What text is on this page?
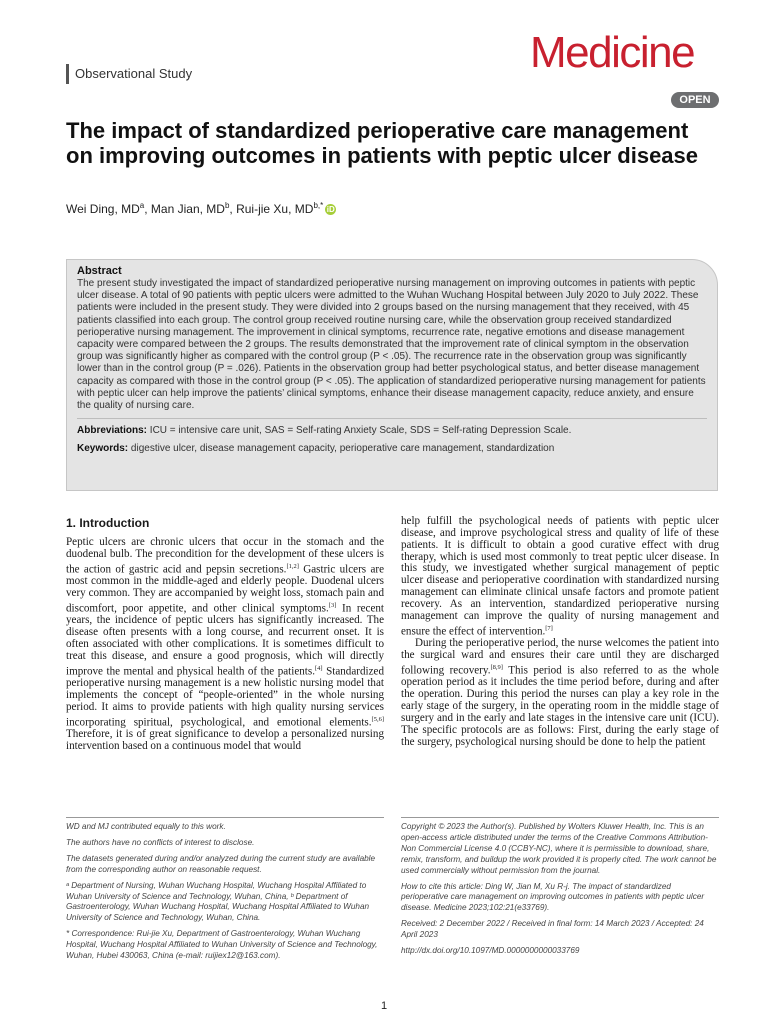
Observational Study	Medicine
OPEN
The impact of standardized perioperative care management on improving outcomes in patients with peptic ulcer disease
Wei Ding, $MD^a$, Man Jian, $MD^b$, Rui-jie Xu, $MD^{b,*}$ iD
Abstract
The present study investigated the impact of standardized perioperative nursing management on improving outcomes in patients with peptic ulcer disease. A total of 90 patients with peptic ulcers were admitted to the Wuhan Wuchang Hospital between July 2020 to July 2022. These patients were included in the present study. They were divided into 2 groups based on the nursing management that they received, with 45 patients classified into each group. The control group received routine nursing care, while the observation group received standardized perioperative nursing management. The improvement in clinical symptoms, recurrence rate, negative emotions and disease management capacity were compared between the 2 groups. The results demonstrated that the improvement rate of clinical symptom in the observation group was significantly higher as compared with the control group (P < .05). The recurrence rate in the observation group was significantly lower than in the control group (P = .026). Patients in the observation group had better psychological status, and better disease management capacity as compared with those in the control group (P < .05). The application of standardized perioperative nursing management for patients with peptic ulcer can help improve the patients’ clinical symptoms, enhance their disease management capacity, reduce anxiety, and ensure the quality of nursing care.
Abbreviations: ICU = intensive care unit, SAS = Self-rating Anxiety Scale, SDS = Self-rating Depression Scale.
Keywords: digestive ulcer, disease management capacity, perioperative care management, standardization
1. Introduction

Peptic ulcers are chronic ulcers that occur in the stomach and the duodenal bulb. The precondition for the development of these ulcers is the action of gastric acid and pepsin secretions.[1,2] Gastric ulcers are most common in the middle-aged and elderly people. Duodenal ulcers very common. They are accompanied by weight loss, stomach pain and discomfort, poor appetite, and other clinical symptoms.[3] In recent years, the incidence of peptic ulcers has significantly increased. The disease often presents with a long course, and recurrent onset. It is often associated with other complications. It is sometimes difficult to treat this disease, and ensure a good prognosis, which will directly improve the mental and physical health of the patients.[4] Standardized perioperative nursing management is a new holistic nursing model that implements the concept of “people-oriented” in the whole nursing period. It aims to provide patients with high quality nursing services incorporating spiritual, psychological, and emotional elements.[5,6] Therefore, it is of great significance to develop a personalized nursing intervention based on a continuous model that would

help fulfill the psychological needs of patients with peptic ulcer disease, and improve psychological stress and quality of life of these patients. It is difficult to obtain a good curative effect with drug therapy, which is used most commonly to treat peptic ulcer disease. In this study, we investigated whether surgical management of peptic ulcer disease and perioperative coordination with standardized nursing management can eliminate clinical unsafe factors and promote patient recovery. As an intervention, standardized perioperative nursing management can improve the quality of nursing management and ensure the effect of intervention.[7]

During the perioperative period, the nurse welcomes the patient into the surgical ward and ensures their care until they are discharged following recovery.[8,9] This period is also referred to as the whole operation period as it includes the time period before, during and after the operation. During this period the nurses can play a key role in the early stage of the surgery, in the operating room in the middle stage of surgery and in the early and late stages in the intensive care unit (ICU). The specific protocols are as follows: First, during the early stage of the surgery, psychological nursing should be done to help the patient

WD and MJ contributed equally to this work.

The authors have no conflicts of interest to disclose.

The datasets generated during and/or analyzed during the current study are available from the corresponding author on reasonable request.

ᵃ Department of Nursing, Wuhan Wuchang Hospital, Wuchang Hospital Affiliated to Wuhan University of Science and Technology, Wuhan, China, ᵇ Department of Gastroenterology, Wuhan Wuchang Hospital, Wuchang Hospital Affiliated to Wuhan University of Science and Technology, Wuhan, China.

* Correspondence: Rui-jie Xu, Department of Gastroenterology, Wuhan Wuchang Hospital, Wuchang Hospital Affiliated to Wuhan University of Science and Technology, Wuhan, Hubei 430063, China (e-mail: ruijiex12@163.com).

Copyright © 2023 the Author(s). Published by Wolters Kluwer Health, Inc. This is an open-access article distributed under the terms of the Creative Commons Attribution-Non Commercial License 4.0 (CCBY-NC), where it is permissible to download, share, remix, transform, and buildup the work provided it is properly cited. The work cannot be used commercially without permission from the journal.

How to cite this article: Ding W, Jian M, Xu R-j. The impact of standardized perioperative care management on improving outcomes in patients with peptic ulcer disease. Medicine 2023;102:21(e33769).

Received: 2 December 2022 / Received in final form: 14 March 2023 / Accepted: 24 April 2023

http://dx.doi.org/10.1097/MD.0000000000033769

1
